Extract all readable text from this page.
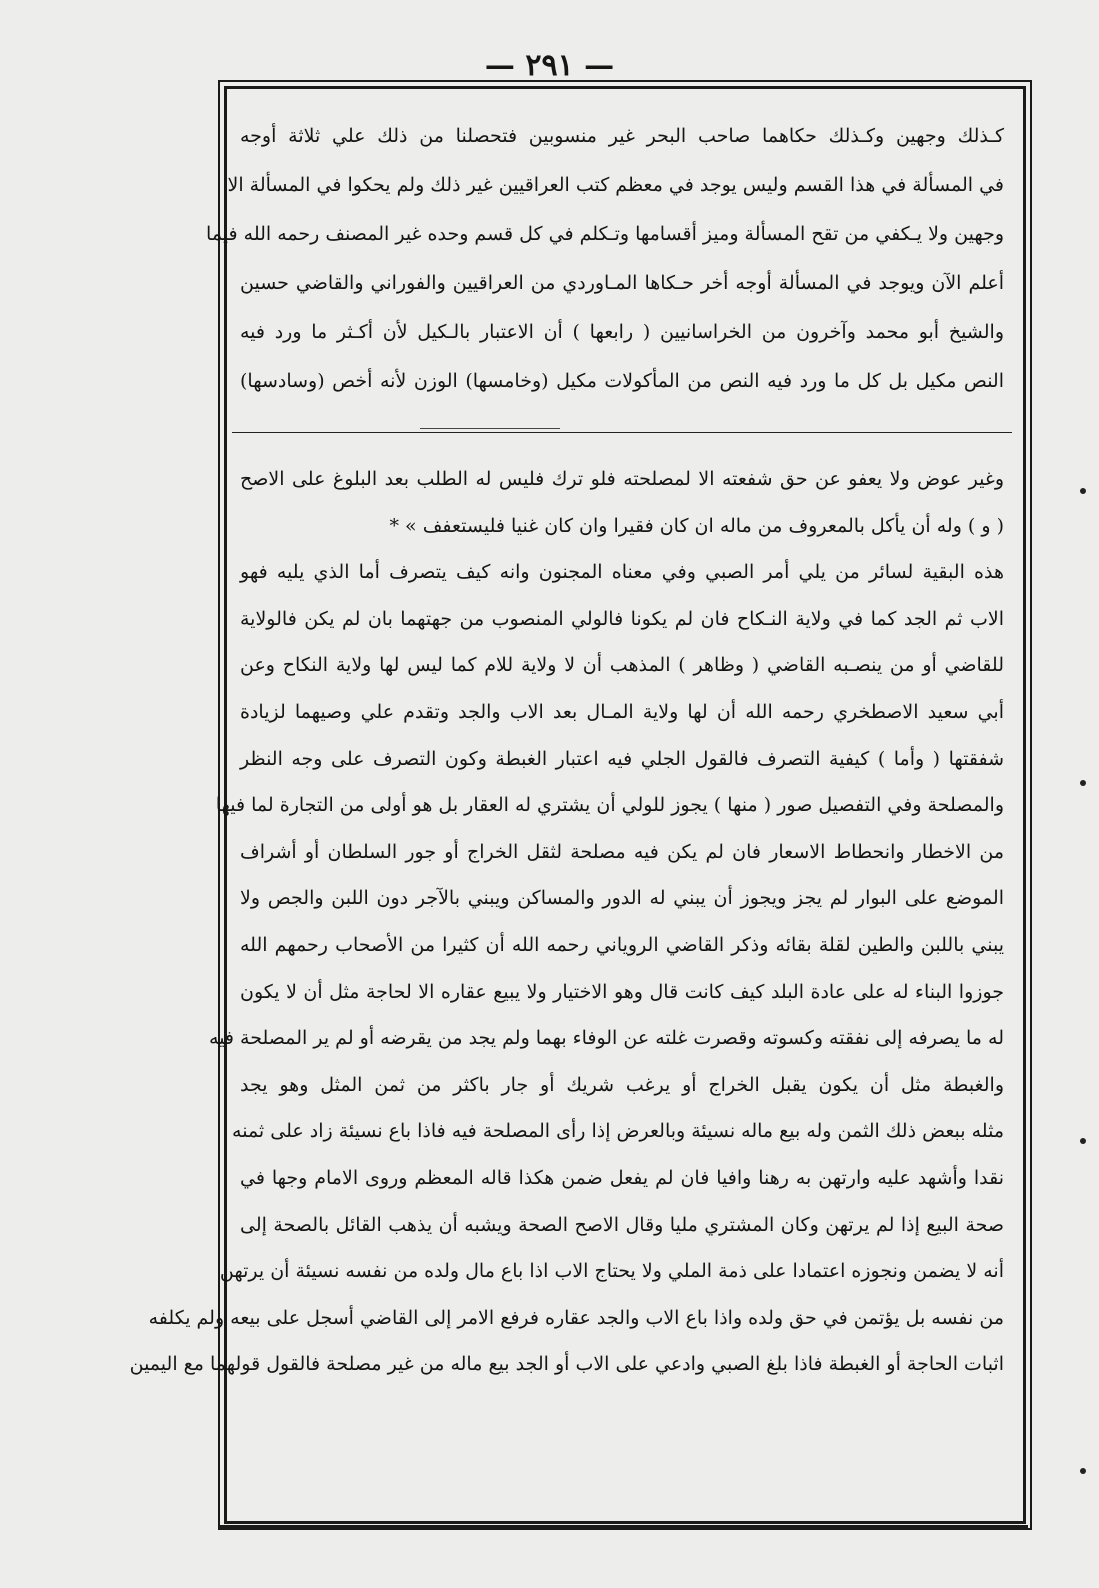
— ٢٩١ —
كـذلك وجهين وكـذلك حكاهما صاحب البحر غير منسوبين فتحصلنا من ذلك علي ثلاثة أوجه
في المسألة في هذا القسم وليس يوجد في معظم كتب العراقيين غير ذلك ولم يحكوا في المسألة الا
وجهين ولا يـكفي من تقح المسألة وميز أقسامها وتـكلم في كل قسم وحده غير المصنف رحمه الله فيما
أعلم الآن ويوجد في المسألة أوجه أخر حـكاها المـاوردي من العراقيين والفوراني والقاضي حسين
والشيخ أبو محمد وآخرون من الخراسانيين ( رابعها ) أن الاعتبار بالـكيل لأن أكـثر ما ورد فيه
النص مكيل بل كل ما ورد فيه النص من المأكولات مكيل (وخامسها) الوزن لأنه أخص (وسادسها)
وغير عوض ولا يعفو عن حق شفعته الا لمصلحته فلو ترك فليس له الطلب بعد البلوغ على الاصح
( و ) وله أن يأكل بالمعروف من ماله ان كان فقيرا وان كان غنيا فليستعفف » *
هذه البقية لسائر من يلي أمر الصبي وفي معناه المجنون وانه كيف يتصرف أما الذي يليه فهو
الاب ثم الجد كما في ولاية النـكاح فان لم يكونا فالولي المنصوب من جهتهما بان لم يكن فالولاية
للقاضي أو من ينصـبه القاضي ( وظاهر ) المذهب أن لا ولاية للام كما ليس لها ولاية النكاح وعن
أبي سعيد الاصطخري رحمه الله أن لها ولاية المـال بعد الاب والجد وتقدم علي وصيهما لزيادة
شفقتها ( وأما ) كيفية التصرف فالقول الجلي فيه اعتبار الغبطة وكون التصرف على وجه النظر
والمصلحة وفي التفصيل صور ( منها ) يجوز للولي أن يشتري له العقار بل هو أولى من التجارة لما فيها
من الاخطار وانحطاط الاسعار فان لم يكن فيه مصلحة لثقل الخراج أو جور السلطان أو أشراف
الموضع على البوار لم يجز ويجوز أن يبني له الدور والمساكن ويبني بالآجر دون اللبن والجص ولا
يبني باللبن والطين لقلة بقائه وذكر القاضي الروياني رحمه الله أن كثيرا من الأصحاب رحمهم الله
جوزوا البناء له على عادة البلد كيف كانت قال وهو الاختيار ولا يبيع عقاره الا لحاجة مثل أن لا يكون
له ما يصرفه إلى نفقته وكسوته وقصرت غلته عن الوفاء بهما ولم يجد من يقرضه أو لم ير المصلحة فيه
والغبطة مثل أن يكون يقبل الخراج أو يرغب شريك أو جار باكثر من ثمن المثل وهو يجد
مثله ببعض ذلك الثمن وله بيع ماله نسيئة وبالعرض إذا رأى المصلحة فيه فاذا باع نسيئة زاد على ثمنه
نقدا وأشهد عليه وارتهن به رهنا وافيا فان لم يفعل ضمن هكذا قاله المعظم وروى الامام وجها في
صحة البيع إذا لم يرتهن وكان المشتري مليا وقال الاصح الصحة ويشبه أن يذهب القائل بالصحة إلى
أنه لا يضمن ونجوزه اعتمادا على ذمة الملي ولا يحتاج الاب اذا باع مال ولده من نفسه نسيئة أن يرتهن
من نفسه بل يؤتمن في حق ولده واذا باع الاب والجد عقاره فرفع الامر إلى القاضي أسجل على بيعه ولم يكلفه
اثبات الحاجة أو الغبطة فاذا بلغ الصبي وادعي على الاب أو الجد بيع ماله من غير مصلحة فالقول قولهما مع اليمين
